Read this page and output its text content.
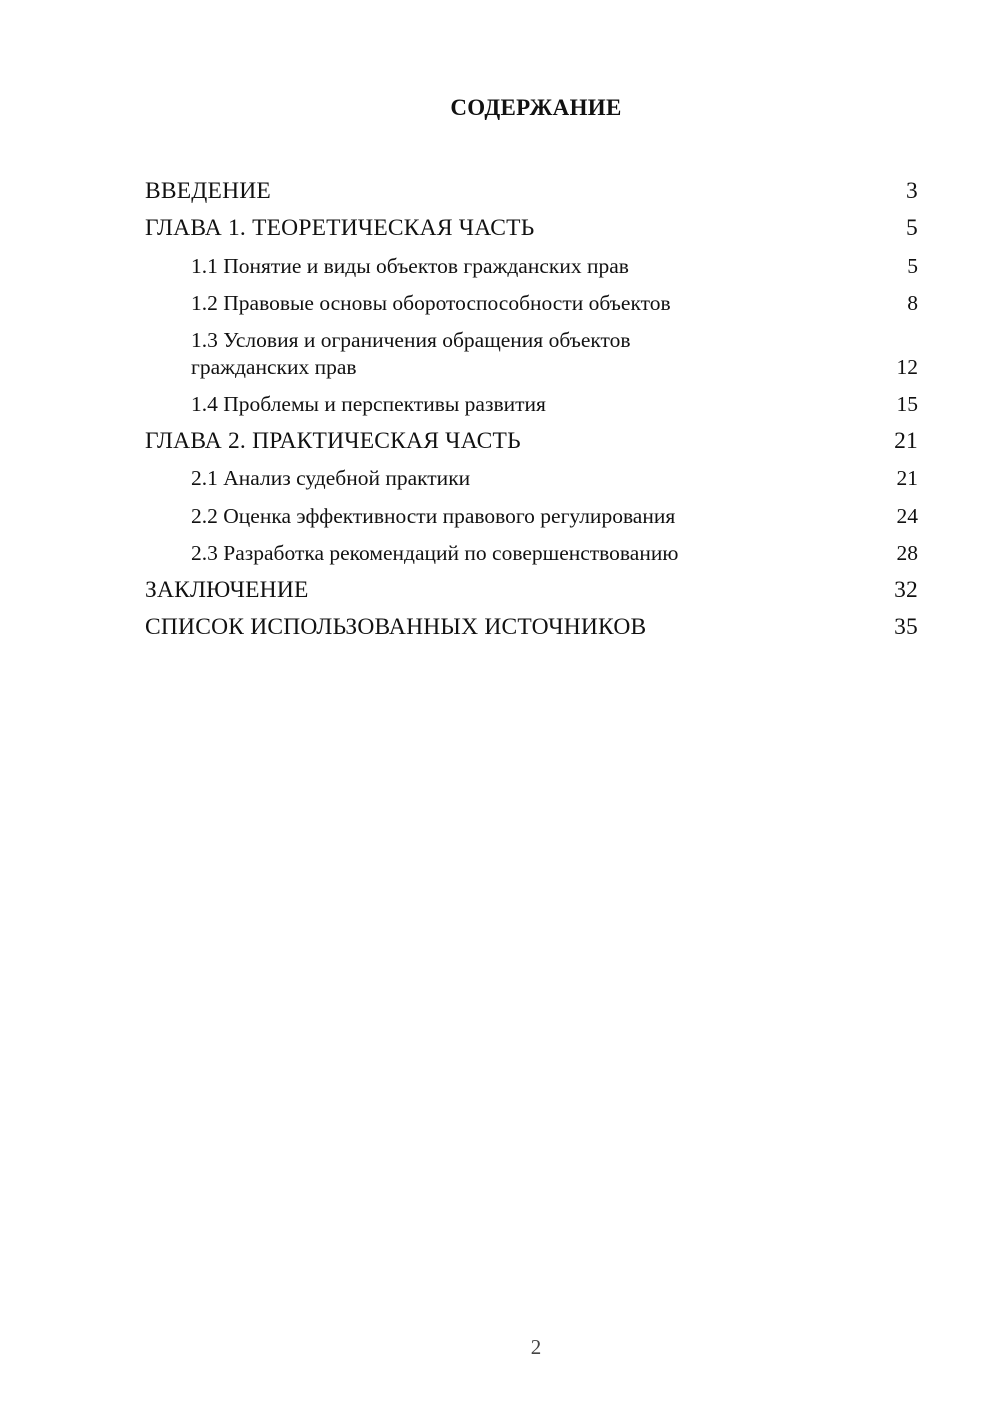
СОДЕРЖАНИЕ
ВВЕДЕНИЕ	3
ГЛАВА 1. ТЕОРЕТИЧЕСКАЯ ЧАСТЬ	5
1.1 Понятие и виды объектов гражданских прав	5
1.2 Правовые основы оборотоспособности объектов	8
1.3 Условия и ограничения обращения объектов гражданских прав	12
1.4 Проблемы и перспективы развития	15
ГЛАВА 2. ПРАКТИЧЕСКАЯ ЧАСТЬ	21
2.1 Анализ судебной практики	21
2.2 Оценка эффективности правового регулирования	24
2.3 Разработка рекомендаций по совершенствованию	28
ЗАКЛЮЧЕНИЕ	32
СПИСОК ИСПОЛЬЗОВАННЫХ ИСТОЧНИКОВ	35
2
